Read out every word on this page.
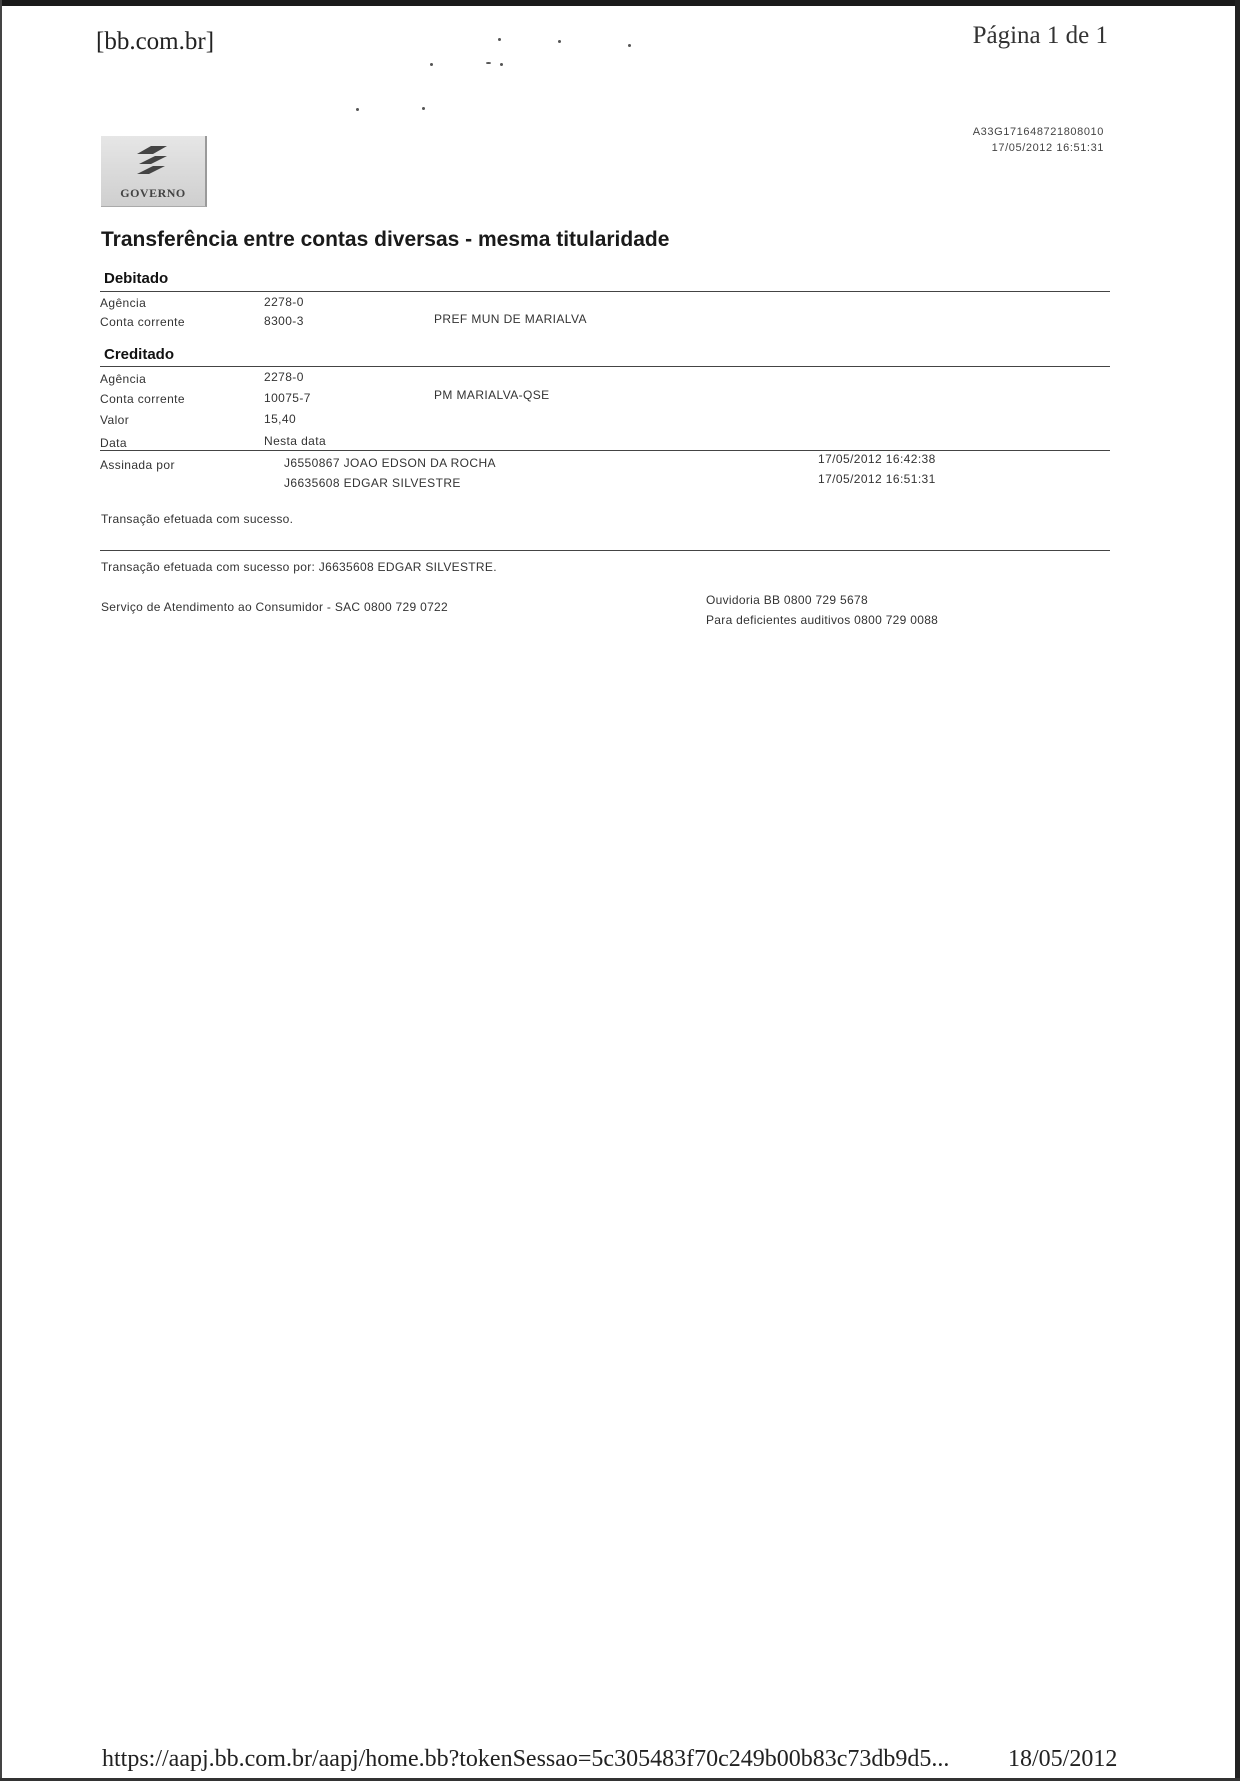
[bb.com.br]	Página 1 de 1
GOVERNO
A33G171648721808010
17/05/2012 16:51:31
Transferência entre contas diversas - mesma titularidade
Debitado
Agência	2278-0
Conta corrente	8300-3	PREF MUN DE MARIALVA
Creditado
Agência	2278-0
Conta corrente	10075-7	PM MARIALVA-QSE
Valor	15,40
Data	Nesta data
Assinada por	J6550867 JOAO EDSON DA ROCHA	17/05/2012 16:42:38
J6635608 EDGAR SILVESTRE	17/05/2012 16:51:31
Transação efetuada com sucesso.
Transação efetuada com sucesso por: J6635608 EDGAR SILVESTRE.
Serviço de Atendimento ao Consumidor - SAC 0800 729 0722	Ouvidoria BB 0800 729 5678
Para deficientes auditivos 0800 729 0088
https://aapj.bb.com.br/aapj/home.bb?tokenSessao=5c305483f70c249b00b83c73db9d5... 18/05/2012
